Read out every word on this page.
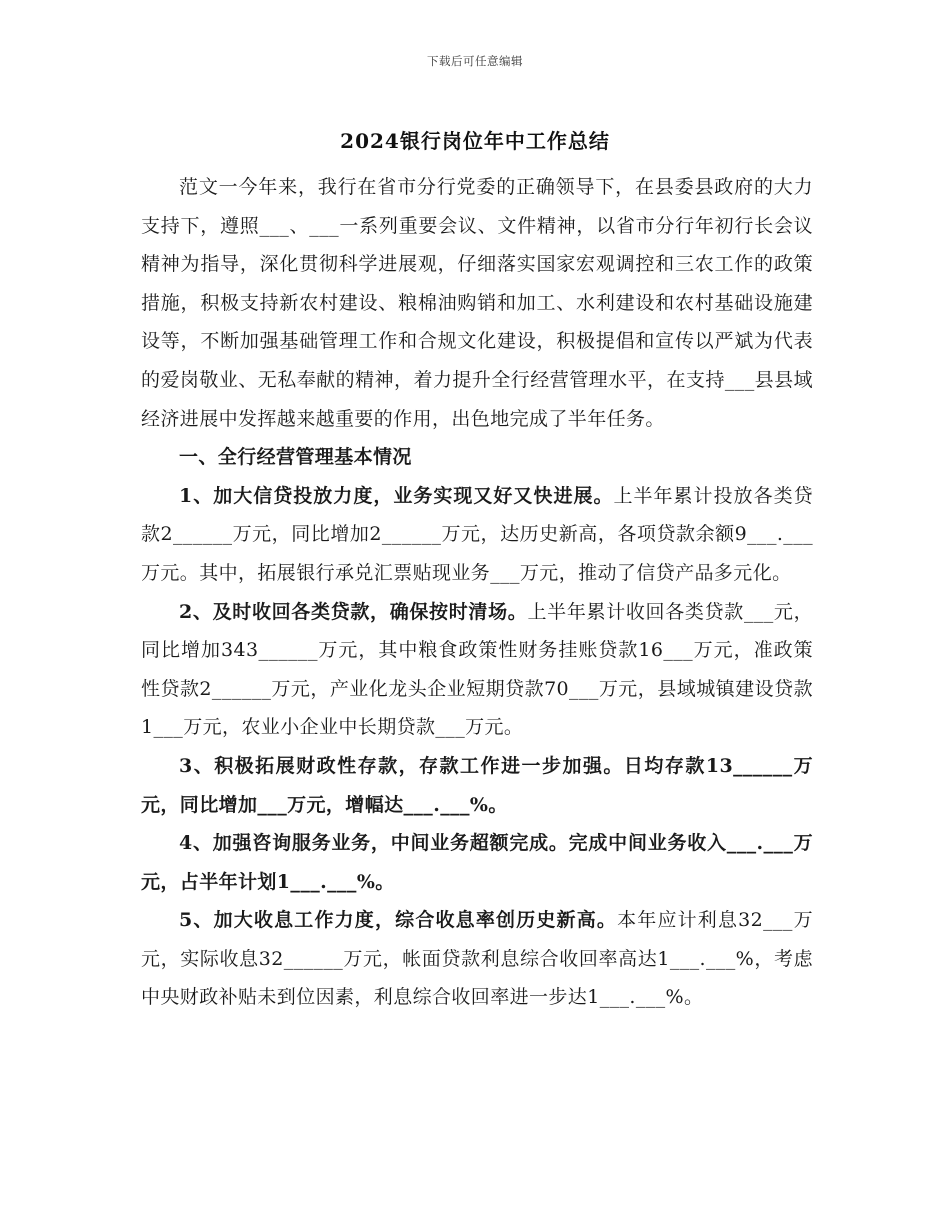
下载后可任意编辑
2024银行岗位年中工作总结

范文一今年来，我行在省市分行党委的正确领导下，在县委县政府的大力支持下，遵照___、___一系列重要会议、文件精神，以省市分行年初行长会议精神为指导，深化贯彻科学进展观，仔细落实国家宏观调控和三农工作的政策措施，积极支持新农村建设、粮棉油购销和加工、水利建设和农村基础设施建设等，不断加强基础管理工作和合规文化建设，积极提倡和宣传以严斌为代表的爱岗敬业、无私奉献的精神，着力提升全行经营管理水平，在支持___县县域经济进展中发挥越来越重要的作用，出色地完成了半年任务。

一、全行经营管理基本情况

1、加大信贷投放力度，业务实现又好又快进展。上半年累计投放各类贷款2______万元，同比增加2______万元，达历史新高，各项贷款余额9___.___万元。其中，拓展银行承兑汇票贴现业务___万元，推动了信贷产品多元化。

2、及时收回各类贷款，确保按时清场。上半年累计收回各类贷款___元，同比增加343______万元，其中粮食政策性财务挂账贷款16___万元，准政策性贷款2______万元，产业化龙头企业短期贷款70___万元，县域城镇建设贷款1___万元，农业小企业中长期贷款___万元。

3、积极拓展财政性存款，存款工作进一步加强。日均存款13______万元，同比增加___万元，增幅达___.___%。

4、加强咨询服务业务，中间业务超额完成。完成中间业务收入___.___万元，占半年计划1___.___%。

5、加大收息工作力度，综合收息率创历史新高。本年应计利息32___万元，实际收息32______万元，帐面贷款利息综合收回率高达1___.___%，考虑中央财政补贴未到位因素，利息综合收回率进一步达1___.___%。
